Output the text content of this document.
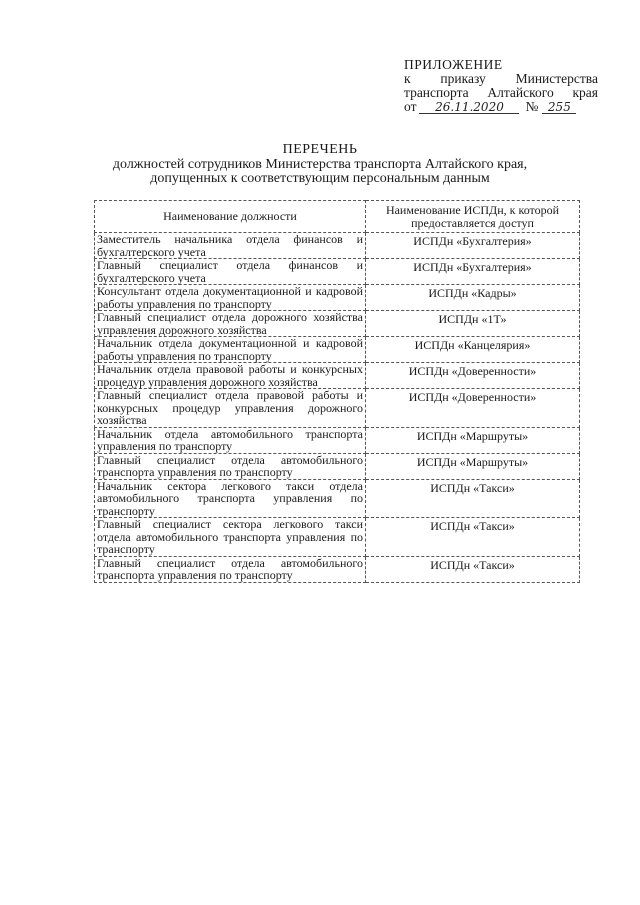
ПРИЛОЖЕНИЕ
к приказу Министерства
транспорта Алтайского края
от	26.11.2020	№ 255
ПЕРЕЧЕНЬ
должностей сотрудников Министерства транспорта Алтайского края,
допущенных к соответствующим персональным данным
Наименование должности	Наименование ИСПДн, к которой предоставляется доступ
Заместитель начальника отдела финансов и бухгалтерского учета	ИСПДн «Бухгалтерия»
Главный специалист отдела финансов и бухгалтерского учета	ИСПДн «Бухгалтерия»
Консультант отдела документационной и кадровой работы управления по транспорту	ИСПДн «Кадры»
Главный специалист отдела дорожного хозяйства управления дорожного хозяйства	ИСПДн «1Т»
Начальник отдела документационной и кадровой работы управления по транспорту	ИСПДн «Канцелярия»
Начальник отдела правовой работы и конкурсных процедур управления дорожного хозяйства	ИСПДн «Доверенности»
Главный специалист отдела правовой работы и конкурсных процедур управления дорожного хозяйства	ИСПДн «Доверенности»
Начальник отдела автомобильного транспорта управления по транспорту	ИСПДн «Маршруты»
Главный специалист отдела автомобильного транспорта управления по транспорту	ИСПДн «Маршруты»
Начальник сектора легкового такси отдела автомобильного транспорта управления по транспорту	ИСПДн «Такси»
Главный специалист сектора легкового такси отдела автомобильного транспорта управления по транспорту	ИСПДн «Такси»
Главный специалист отдела автомобильного транспорта управления по транспорту	ИСПДн «Такси»
